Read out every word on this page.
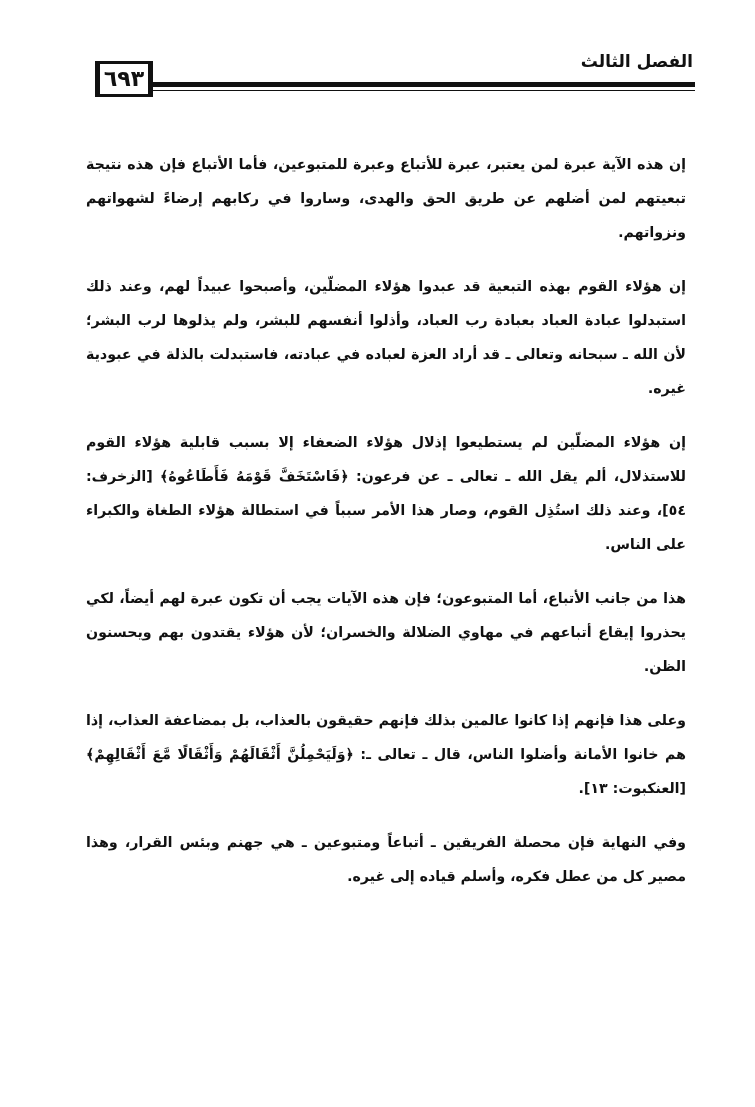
٦٩٣
الفصل الثالث

إن هذه الآية عبرة لمن يعتبر، عبرة للأتباع وعبرة للمتبوعين، فأما الأتباع فإن هذه نتيجة تبعيتهم لمن أضلهم عن طريق الحق والهدى، وساروا في ركابهم إرضاءً لشهواتهم ونزواتهم.

إن هؤلاء القوم بهذه التبعية قد عبدوا هؤلاء المضلّين، وأصبحوا عبيداً لهم، وعند ذلك استبدلوا عبادة العباد بعبادة رب العباد، وأذلوا أنفسهم للبشر، ولم يذلوها لرب البشر؛ لأن الله ـ سبحانه وتعالى ـ قد أراد العزة لعباده في عبادته، فاستبدلت بالذلة في عبودية غيره.

إن هؤلاء المضلّين لم يستطيعوا إذلال هؤلاء الضعفاء إلا بسبب قابلية هؤلاء القوم للاستذلال، ألم يقل الله ـ تعالى ـ عن فرعون: ﴿فَاسْتَخَفَّ قَوْمَهُ فَأَطَاعُوهُ﴾ [الزخرف: ٥٤]، وعند ذلك استُذِل القوم، وصار هذا الأمر سبباً في استطالة هؤلاء الطغاة والكبراء على الناس.

هذا من جانب الأتباع، أما المتبوعون؛ فإن هذه الآيات يجب أن تكون عبرة لهم أيضاً، لكي يحذروا إيقاع أتباعهم في مهاوي الضلالة والخسران؛ لأن هؤلاء يقتدون بهم ويحسنون الظن.

وعلى هذا فإنهم إذا كانوا عالمين بذلك فإنهم حقيقون بالعذاب، بل بمضاعفة العذاب، إذا هم خانوا الأمانة وأضلوا الناس، قال ـ تعالى ـ: ﴿وَلَيَحْمِلُنَّ أَثْقَالَهُمْ وَأَثْقَالًا مَّعَ أَثْقَالِهِمْ﴾ [العنكبوت: ١٣].

وفي النهاية فإن محصلة الفريقين ـ أتباعاً ومتبوعين ـ هي جهنم وبئس القرار، وهذا مصير كل من عطل فكره، وأسلم قياده إلى غيره.
